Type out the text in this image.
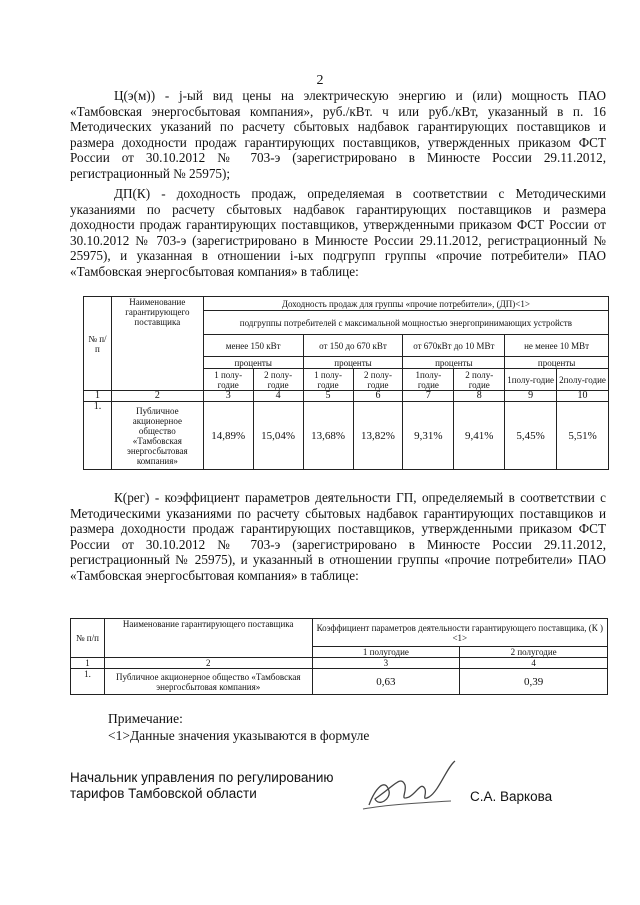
2
Ц(э(м)) - j-ый вид цены на электрическую энергию и (или) мощность ПАО «Тамбовская энергосбытовая компания», руб./кВт. ч или руб./кВт, указанный в п. 16 Методических указаний по расчету сбытовых надбавок гарантирующих поставщиков и размера доходности продаж гарантирующих поставщиков, утвержденных приказом ФСТ России от 30.10.2012 № 703-э (зарегистрировано в Минюсте России 29.11.2012, регистрационный № 25975);
ДП(К) - доходность продаж, определяемая в соответствии с Методическими указаниями по расчету сбытовых надбавок гарантирующих поставщиков и размера доходности продаж гарантирующих поставщиков, утвержденными приказом ФСТ России от 30.10.2012 № 703-э (зарегистрировано в Минюсте России 29.11.2012, регистрационный № 25975), и указанная в отношении i-ых подгрупп группы «прочие потребители» ПАО «Тамбовская энергосбытовая компания» в таблице:
№ п/п	Наименование гарантирующего поставщика	Доходность продаж для группы «прочие потребители», (ДП)<1>							
		подгруппы потребителей с максимальной мощностью энергопринимающих устройств							
		менее 150 кВт		от 150 до 670 кВт		от 670кВт до 10 МВт		не менее 10 МВт	
		проценты		проценты		проценты		проценты	
		1 полу-годие	2 полу-годие	1 полу-годие	2 полу-годие	1полу-годие	2 полу-годие	1полу-годие	2полу-годие
1	2	3	4	5	6	7	8	9	10
1.	Публичное акционерное общество «Тамбовская энергосбытовая компания»	14,89%	15,04%	13,68%	13,82%	9,31%	9,41%	5,45%	5,51%
К(рег) - коэффициент параметров деятельности ГП, определяемый в соответствии с Методическими указаниями по расчету сбытовых надбавок гарантирующих поставщиков и размера доходности продаж гарантирующих поставщиков, утвержденными приказом ФСТ России от 30.10.2012 № 703-э (зарегистрировано в Минюсте России 29.11.2012, регистрационный № 25975), и указанный в отношении группы «прочие потребители» ПАО «Тамбовская энергосбытовая компания» в таблице:
№ п/п	Наименование гарантирующего поставщика	Коэффициент параметров деятельности гарантирующего поставщика, (К ) <1>	
		1 полугодие	2 полугодие
1	2	3	4
1.	Публичное акционерное общество «Тамбовская энергосбытовая компания»	0,63	0,39
Примечание:
<1>Данные значения указываются в формуле
Начальник управления по регулированию
тарифов Тамбовской области	С.А. Варкова
